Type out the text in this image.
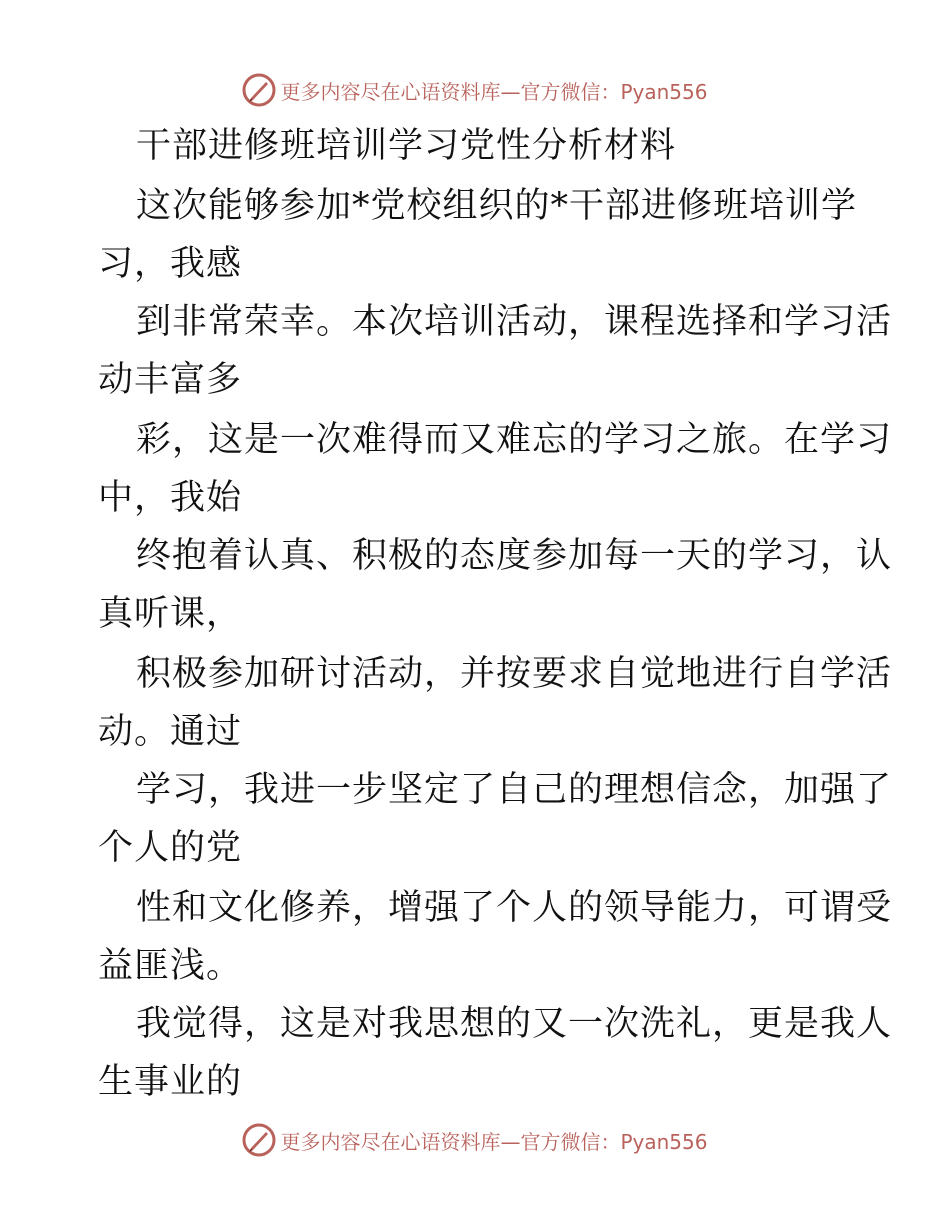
更多内容尽在心语资料库—官方微信：Pyan556
干部进修班培训学习党性分析材料
这次能够参加*党校组织的*干部进修班培训学
习，我感
到非常荣幸。本次培训活动，课程选择和学习活
动丰富多
彩，这是一次难得而又难忘的学习之旅。在学习
中，我始
终抱着认真、积极的态度参加每一天的学习，认
真听课，
积极参加研讨活动，并按要求自觉地进行自学活
动。通过
学习，我进一步坚定了自己的理想信念，加强了
个人的党
性和文化修养，增强了个人的领导能力，可谓受
益匪浅。
我觉得，这是对我思想的又一次洗礼，更是我人
生事业的
更多内容尽在心语资料库—官方微信：Pyan556
